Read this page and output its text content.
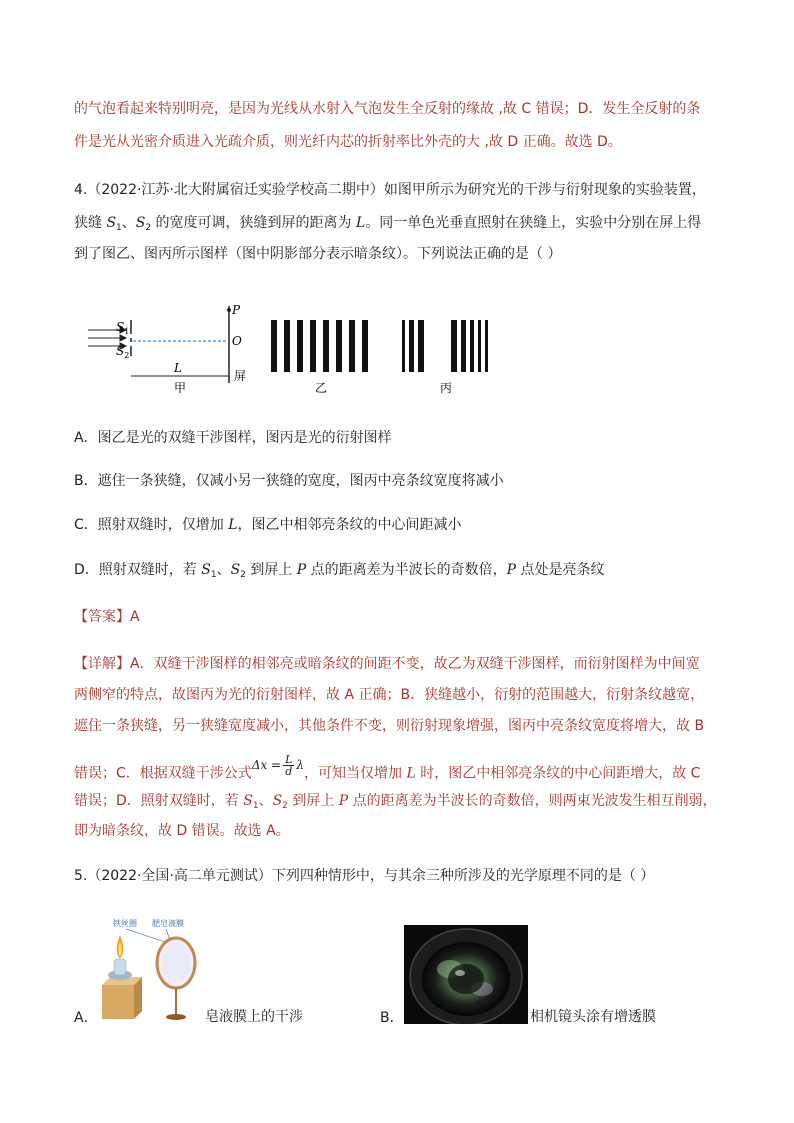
的气泡看起来特别明亮，是因为光线从水射入气泡发生全反射的缘故 ,故 C 错误；D．发生全反射的条
件是光从光密介质进入光疏介质，则光纤内芯的折射率比外壳的大 ,故 D 正确。故选 D。
4.（2022·江苏·北大附属宿迁实验学校高二期中）如图甲所示为研究光的干涉与衍射现象的实验装置，
狭缝 $S_1$、$S_2$ 的宽度可调，狭缝到屏的距离为 L。同一单色光垂直照射在狭缝上，实验中分别在屏上得
到了图乙、图丙所示图样（图中阴影部分表示暗条纹）。下列说法正确的是（ ）
$S_1$
$S_2$
P
O
L
甲
屏
乙	丙
A．图乙是光的双缝干涉图样，图丙是光的衍射图样
B．遮住一条狭缝，仅减小另一狭缝的宽度，图丙中亮条纹宽度将减小
C．照射双缝时，仅增加 L，图乙中相邻亮条纹的中心间距减小
D．照射双缝时，若 $S_1$、$S_2$ 到屏上 P 点的距离差为半波长的奇数倍，P 点处是亮条纹
【答案】A
【详解】A．双缝干涉图样的相邻亮或暗条纹的间距不变，故乙为双缝干涉图样，而衍射图样为中间宽
两侧窄的特点，故图丙为光的衍射图样，故 A 正确；B．狭缝越小，衍射的范围越大，衍射条纹越宽，
遮住一条狭缝，另一狭缝宽度减小，其他条件不变，则衍射现象增强，图丙中亮条纹宽度将增大，故 B
错误；C．根据双缝干涉公式$\Delta x = \frac{L}{d}$ λ，可知当仅增加 L 时，图乙中相邻亮条纹的中心间距增大，故 C
错误；D．照射双缝时，若 $S_1$、$S_2$ 到屏上 P 点的距离差为半波长的奇数倍，则两束光波发生相互削弱，
即为暗条纹，故 D 错误。故选 A。
5.（2022·全国·高二单元测试）下列四种情形中，与其余三种所涉及的光学原理不同的是（ ）
A．
铁丝圈 肥皂液膜
皂液膜上的干涉	B．	相机镜头涂有增透膜
